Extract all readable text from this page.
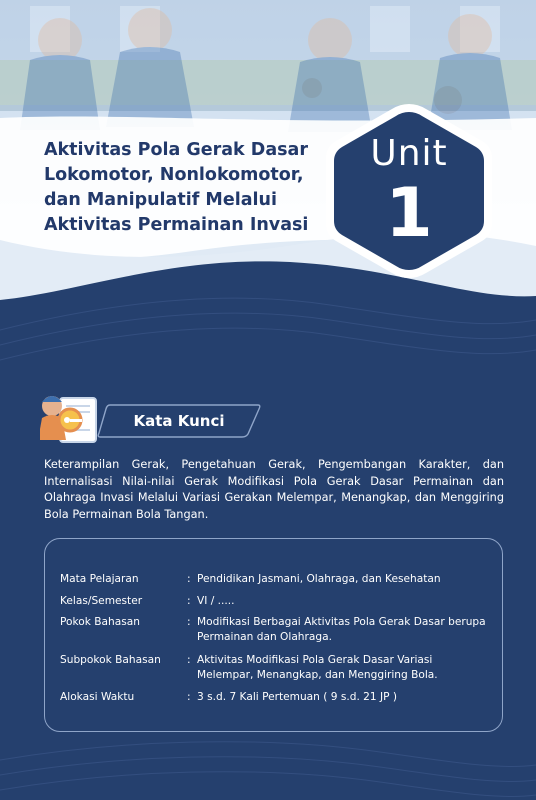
Aktivitas Pola Gerak Dasar
Lokomotor, Nonlokomotor,
dan Manipulatif Melalui
Aktivitas Permainan Invasi
Unit
1
Kata Kunci
Keterampilan Gerak, Pengetahuan Gerak, Pengembangan Karakter, dan Internalisasi Nilai-nilai Gerak Modifikasi Pola Gerak Dasar Permainan dan Olahraga Invasi Melalui Variasi Gerakan Melempar, Menangkap, dan Menggiring Bola Permainan Bola Tangan.
Mata Pelajaran	: Pendidikan Jasmani, Olahraga, dan Kesehatan
Kelas/Semester	: VI / .....
Pokok Bahasan	: Modifikasi Berbagai Aktivitas Pola Gerak Dasar berupa Permainan dan Olahraga.
Subpokok Bahasan : Aktivitas Modifikasi Pola Gerak Dasar Variasi Melempar, Menangkap, dan Menggiring Bola.
Alokasi Waktu	: 3 s.d. 7 Kali Pertemuan ( 9 s.d. 21 JP )
